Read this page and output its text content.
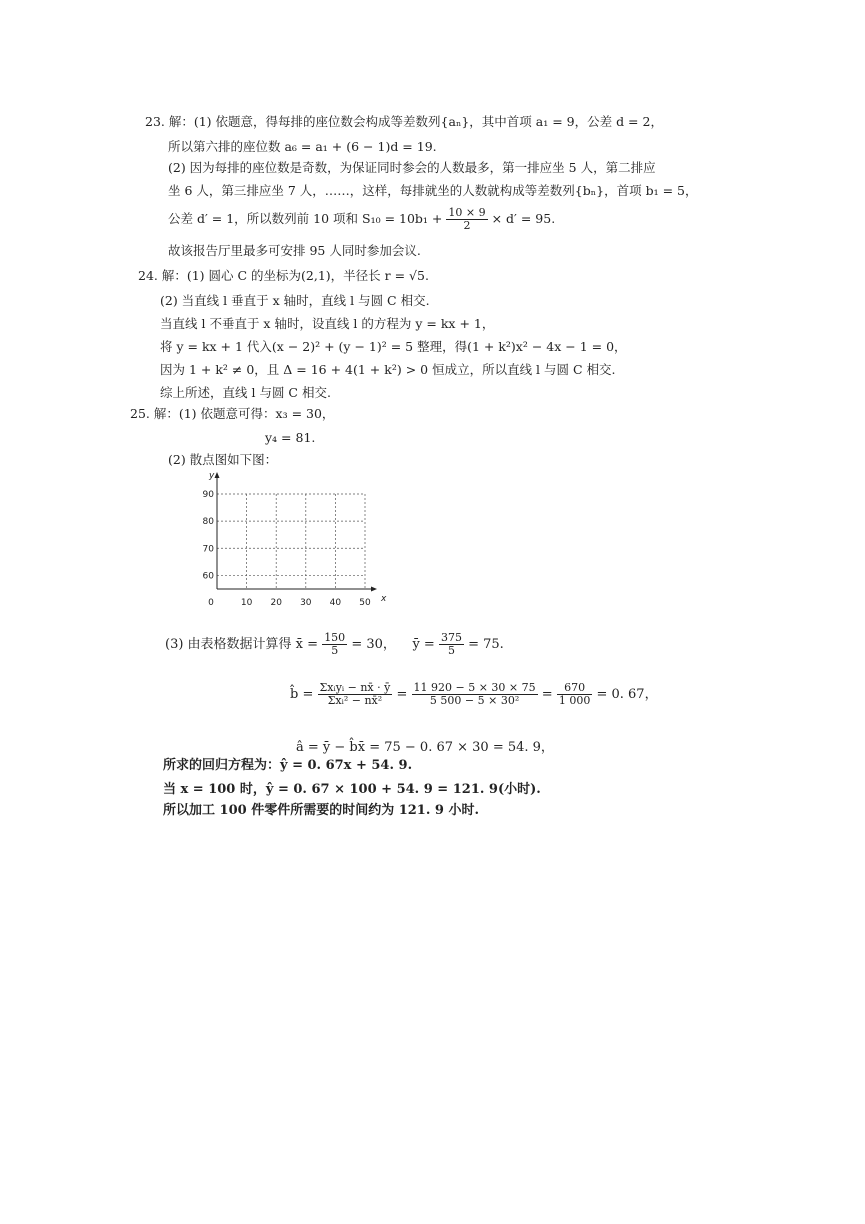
23. 解：(1) 依题意，得每排的座位数会构成等差数列{aₙ}，其中首项 a₁ = 9，公差 d = 2，
所以第六排的座位数 a₆ = a₁ + (6 − 1)d = 19.
(2) 因为每排的座位数是奇数，为保证同时参会的人数最多，第一排应坐 5 人，第二排应
坐 6 人，第三排应坐 7 人，……，这样，每排就坐的人数就构成等差数列{bₙ}，首项 b₁ = 5，
公差 d′ = 1，所以数列前 10 项和 $S_{10} = 10b_1 + \frac{10 \times 9}{2} \times d' = 95$.
故该报告厅里最多可安排 95 人同时参加会议.
24. 解：(1) 圆心 C 的坐标为(2,1)，半径长 r = √5.
(2) 当直线 l 垂直于 x 轴时，直线 l 与圆 C 相交.
当直线 l 不垂直于 x 轴时，设直线 l 的方程为 y = kx + 1，
将 y = kx + 1 代入(x − 2)² + (y − 1)² = 5 整理，得(1 + k²)x² − 4x − 1 = 0，
因为 1 + k² ≠ 0，且 Δ = 16 + 4(1 + k²) > 0 恒成立，所以直线 l 与圆 C 相交.
综上所述，直线 l 与圆 C 相交.
25. 解：(1) 依题意可得：x₃ = 30，
y₄ = 81.
(2) 散点图如下图：
0	10 20 30 40 50
60
70
80
90
x
y
(3) 由表格数据计算得 x̄ = $\frac{150}{5} = 30$， ȳ = $\frac{375}{5} = 75$.
b̂ = $\frac{\text{Σxᵢyᵢ − nx̄ · ȳ}}{\text{Σxᵢ² − nx̄²}} = \frac{11 920 - 5 \times 30 \times 75}{\text{5 500 − 5 × 30²}} = \frac{670}{1 000} = 0$. 67，
â = ȳ − b̂x̄ = 75 − 0. 67 × 30 = 54. 9，
所求的回归方程为：ŷ = 0. 67x + 54. 9.
当 x = 100 时，ŷ = 0. 67 × 100 + 54. 9 = 121. 9(小时).
所以加工 100 件零件所需要的时间约为 121. 9 小时.
